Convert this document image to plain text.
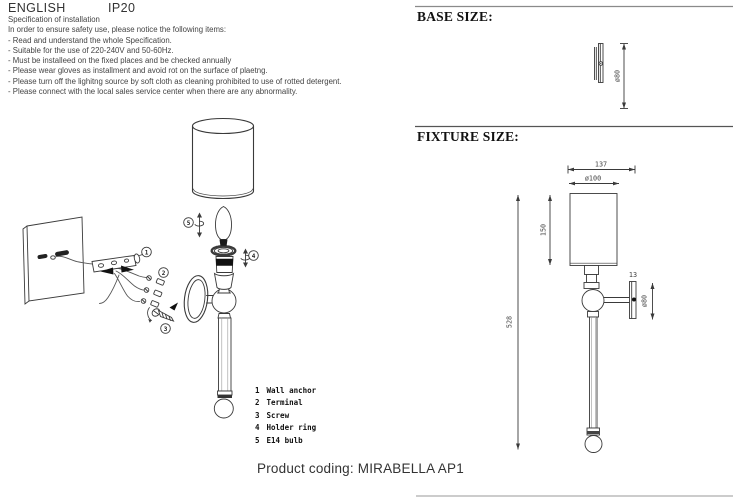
1
2
3
4
5
ø80
137
ø100
150
528
13
ø80
ENGLISH	IP20
Specification of installation
In order to ensure safety use, please notice the following items:
- Read and understand the whole Specification.
- Suitable for the use of 220-240V and 50-60Hz.
- Must be installeed on the fixed places and be checked annually
- Please wear gloves as installment and avoid rot on the surface of plaetng.
- Please turn off the lighitng source by soft cloth as cleaning prohibited to use of rotted detergent.
- Please connect with the local sales service center when there are any abnormality.
BASE SIZE:
FIXTURE SIZE:
1 Wall anchor
2 Terminal
3 Screw
4 Holder ring
5 E14 bulb
Product coding: MIRABELLA AP1
